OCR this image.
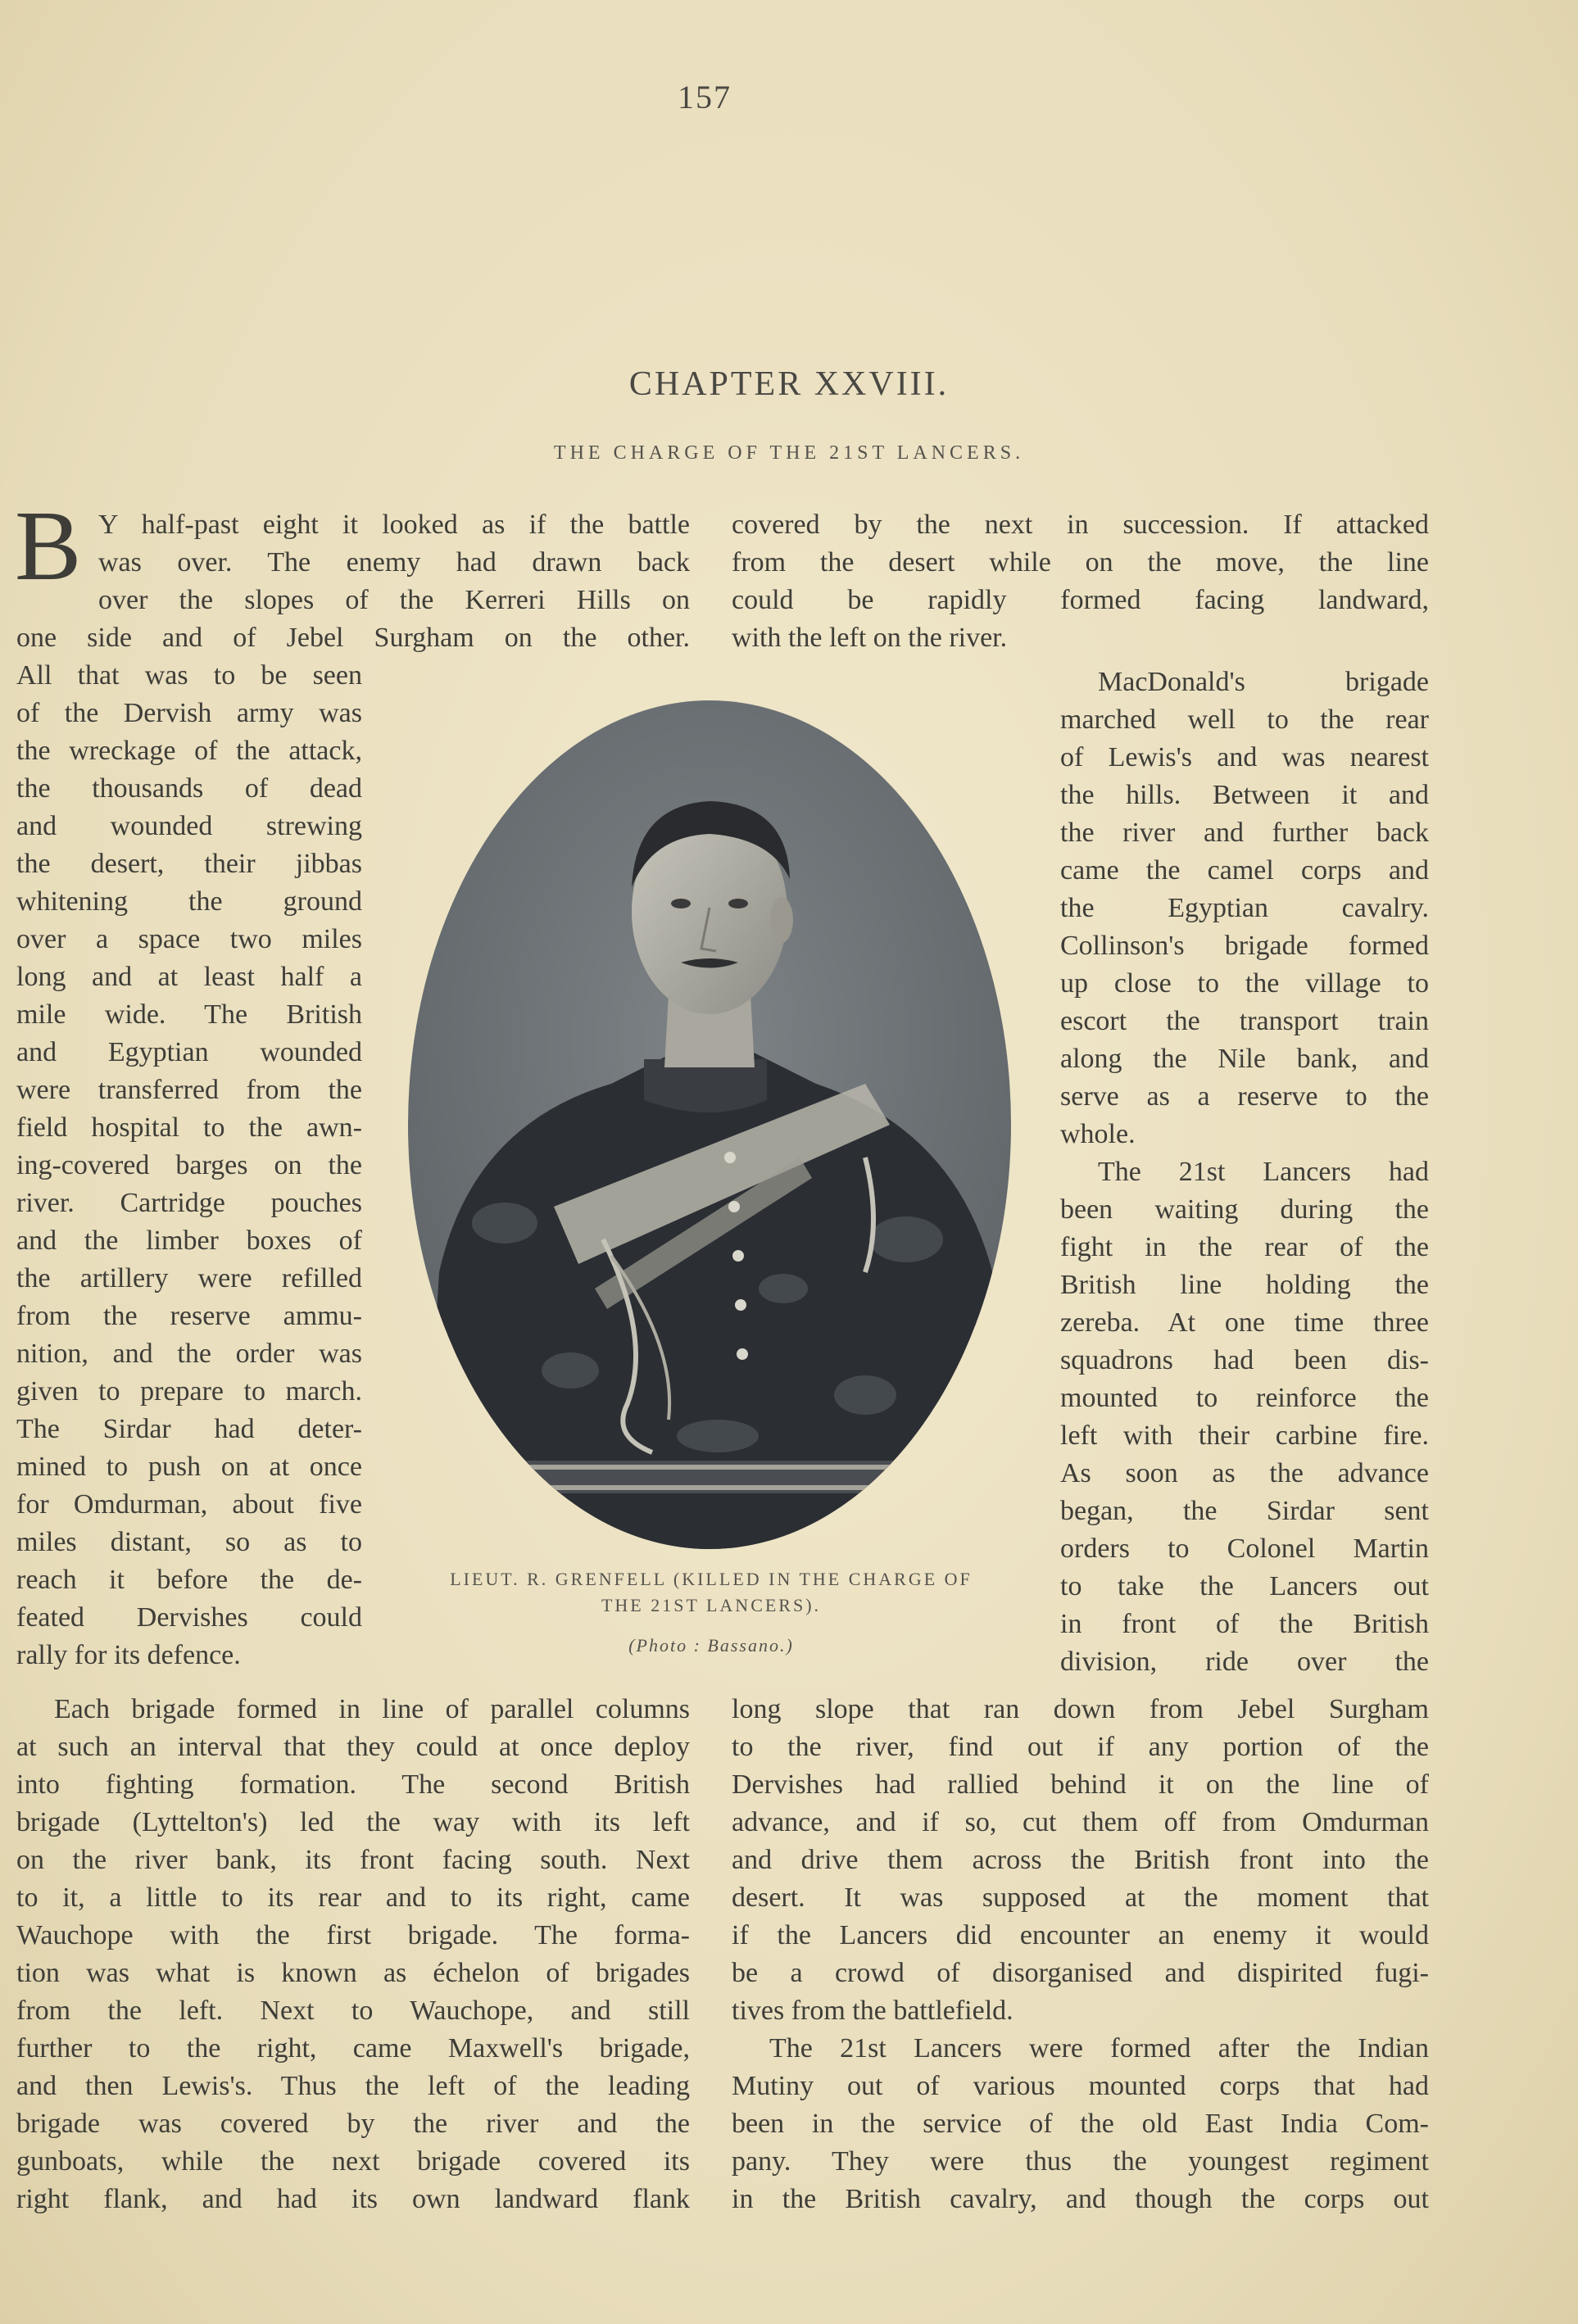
157
CHAPTER XXVIII.
THE CHARGE OF THE 21ST LANCERS.
B Y half-past eight it looked as if the battle
was over. The enemy had drawn back
over the slopes of the Kerreri Hills on
one side and of Jebel Surgham on the other.
All that was to be seen
of the Dervish army was
the wreckage of the attack,
the thousands of dead
and wounded strewing
the desert, their jibbas
whitening the ground
over a space two miles
long and at least half a
mile wide. The British
and Egyptian wounded
were transferred from the
field hospital to the awn-
ing-covered barges on the
river. Cartridge pouches
and the limber boxes of
the artillery were refilled
from the reserve ammu-
nition, and the order was
given to prepare to march.
The Sirdar had deter-
mined to push on at once
for Omdurman, about five
miles distant, so as to
reach it before the de-
feated Dervishes could
rally for its defence.
Each brigade formed in line of parallel columns
at such an interval that they could at once deploy
into fighting formation. The second British
brigade (Lyttelton's) led the way with its left
on the river bank, its front facing south. Next
to it, a little to its rear and to its right, came
Wauchope with the first brigade. The forma-
tion was what is known as échelon of brigades
from the left. Next to Wauchope, and still
further to the right, came Maxwell's brigade,
and then Lewis's. Thus the left of the leading
brigade was covered by the river and the
gunboats, while the next brigade covered its
right flank, and had its own landward flank
covered by the next in succession. If attacked
from the desert while on the move, the line
could be rapidly formed facing landward,
with the left on the river.
MacDonald's brigade
marched well to the rear
of Lewis's and was nearest
the hills. Between it and
the river and further back
came the camel corps and
the Egyptian cavalry.
Collinson's brigade formed
up close to the village to
escort the transport train
along the Nile bank, and
serve as a reserve to the
whole.
The 21st Lancers had
been waiting during the
fight in the rear of the
British line holding the
zereba. At one time three
squadrons had been dis-
mounted to reinforce the
left with their carbine fire.
As soon as the advance
began, the Sirdar sent
orders to Colonel Martin
to take the Lancers out
in front of the British
division, ride over the
long slope that ran down from Jebel Surgham
to the river, find out if any portion of the
Dervishes had rallied behind it on the line of
advance, and if so, cut them off from Omdurman
and drive them across the British front into the
desert. It was supposed at the moment that
if the Lancers did encounter an enemy it would
be a crowd of disorganised and dispirited fugi-
tives from the battlefield.
The 21st Lancers were formed after the Indian
Mutiny out of various mounted corps that had
been in the service of the old East India Com-
pany. They were thus the youngest regiment
in the British cavalry, and though the corps out
LIEUT. R. GRENFELL (KILLED IN THE CHARGE OF
THE 21ST LANCERS).
(Photo : Bassano.)
